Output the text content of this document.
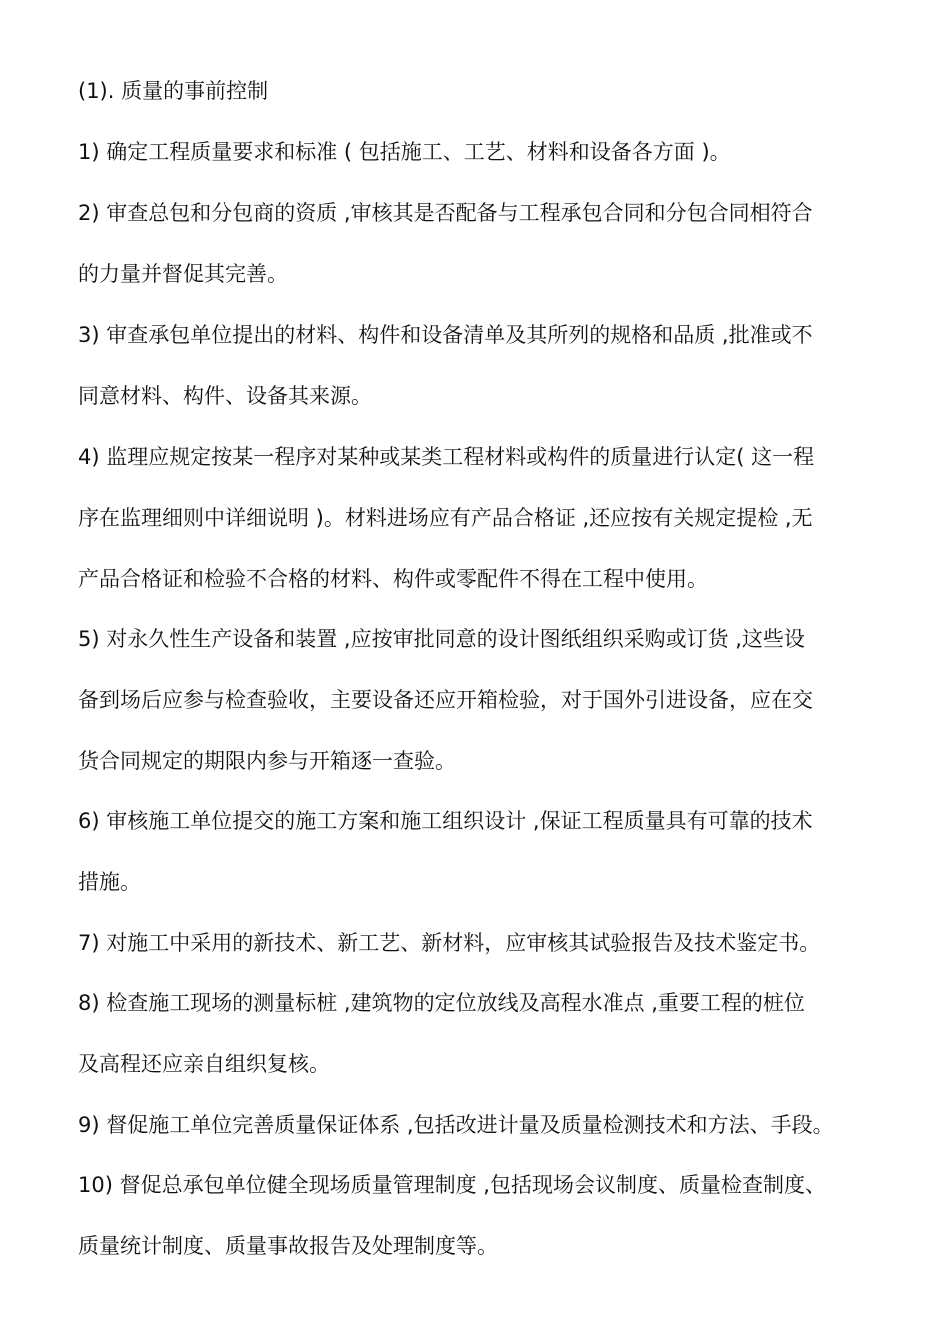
(1). 质量的事前控制
1) 确定工程质量要求和标准 ( 包括施工、工艺、材料和设备各方面 )。
2) 审查总包和分包商的资质 ,审核其是否配备与工程承包合同和分包合同相符合
的力量并督促其完善。
3) 审查承包单位提出的材料、构件和设备清单及其所列的规格和品质 ,批准或不
同意材料、构件、设备其来源。
4) 监理应规定按某一程序对某种或某类工程材料或构件的质量进行认定( 这一程
序在监理细则中详细说明 )。材料进场应有产品合格证 ,还应按有关规定提检 ,无
产品合格证和检验不合格的材料、构件或零配件不得在工程中使用。
5) 对永久性生产设备和装置 ,应按审批同意的设计图纸组织采购或订货 ,这些设
备到场后应参与检查验收，主要设备还应开箱检验，对于国外引进设备，应在交
货合同规定的期限内参与开箱逐一查验。
6) 审核施工单位提交的施工方案和施工组织设计 ,保证工程质量具有可靠的技术
措施。
7) 对施工中采用的新技术、新工艺、新材料，应审核其试验报告及技术鉴定书。
8) 检查施工现场的测量标桩 ,建筑物的定位放线及高程水准点 ,重要工程的桩位
及高程还应亲自组织复核。
9) 督促施工单位完善质量保证体系 ,包括改进计量及质量检测技术和方法、手段。
10) 督促总承包单位健全现场质量管理制度 ,包括现场会议制度、质量检查制度、
质量统计制度、质量事故报告及处理制度等。
